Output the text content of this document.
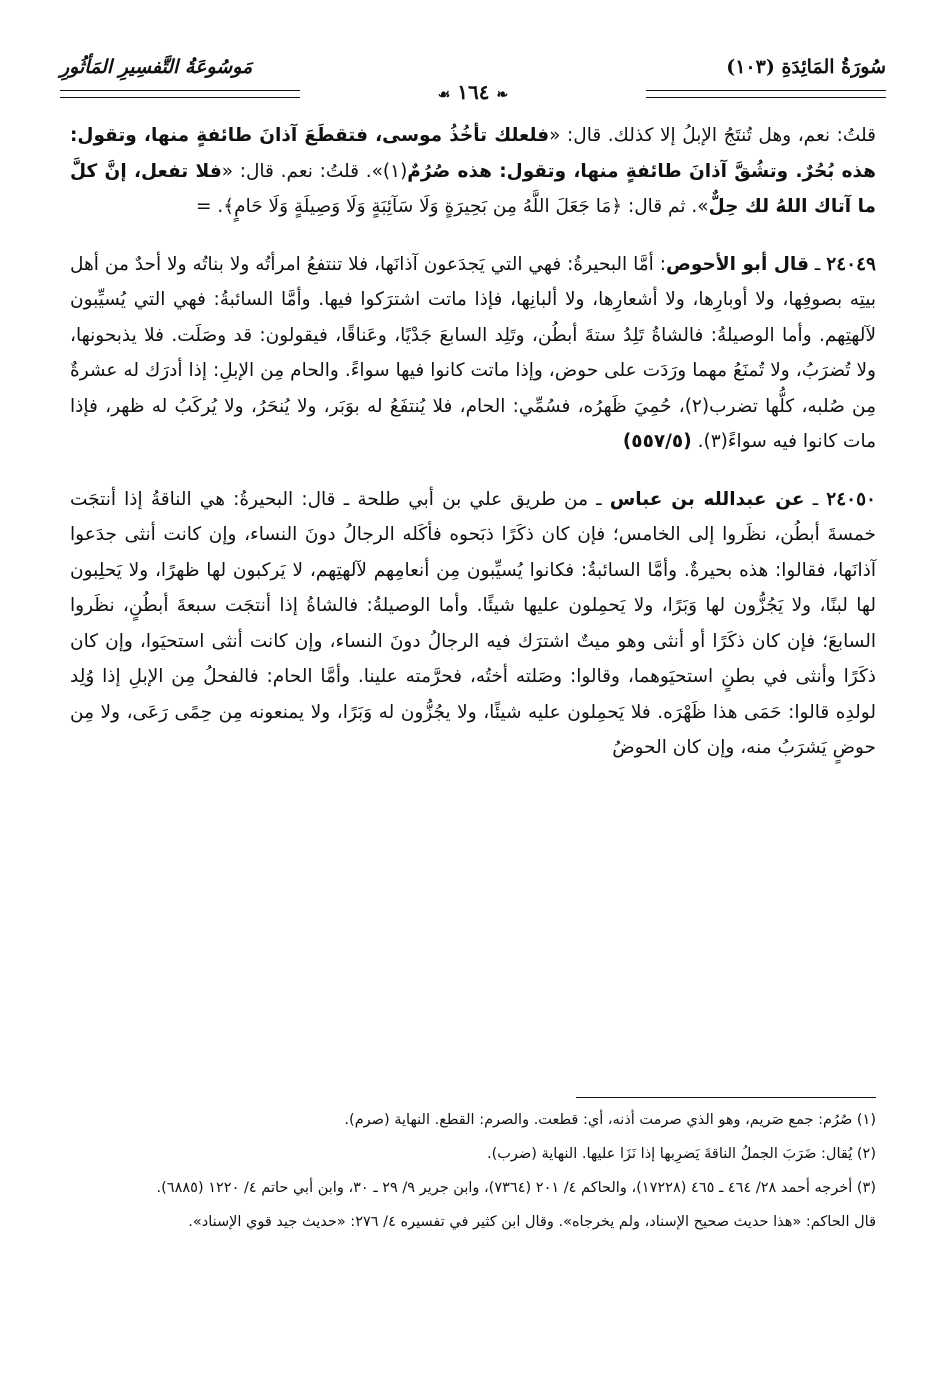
سُورَةُ المَائِدَةِ (١٠٣)
مَوسُوعَةُ التَّفسِيرِ المَأثُورِ
❧ ١٦٤ ☙

قلتُ: نعم، وهل تُنتَجُ الإبلُ إلا كذلك. قال: «فلعلك تأخُذُ موسى، فتقطَعَ آذانَ طائفةٍ منها، وتقول: هذه بُحُرٌ. وتشُقَّ آذانَ طائفةٍ منها، وتقول: هذه صُرُمٌ(١)». قلتُ: نعم. قال: «فلا تفعل، إنَّ كلَّ ما آتاك اللهُ لك حِلٌّ». ثم قال: ﴿مَا جَعَلَ اللَّهُ مِن بَحِيرَةٍ وَلَا سَآئِبَةٍ وَلَا وَصِيلَةٍ وَلَا حَامٍ﴾. =

٢٤٠٤٩ ـ قال أبو الأحوص: أمَّا البحيرةُ: فهي التي يَجدَعون آذانَها، فلا تنتفعُ امرأتُه ولا بناتُه ولا أحدٌ من أهل بيتِه بصوفِها، ولا أوبارِها، ولا أشعارِها، ولا ألبانِها، فإذا ماتت اشترَكوا فيها. وأمَّا السائبةُ: فهي التي يُسيِّبون لآلهتِهم. وأما الوصيلةُ: فالشاةُ تَلِدُ ستةَ أبطُن، وتَلِد السابعَ جَدْيًا، وعَناقًا، فيقولون: قد وصَلَت. فلا يذبحونها، ولا تُضرَبُ، ولا تُمنَعُ مهما ورَدَت على حوض، وإذا ماتت كانوا فيها سواءً. والحام مِن الإبلِ: إذا أدرَك له عشرةٌ مِن صُلبه، كلُّها تضرب(٢)، حُمِيَ ظَهرُه، فسُمِّي: الحام، فلا يُنتفَعُ له بوَبَر، ولا يُنحَرُ، ولا يُركَبُ له ظهر، فإذا مات كانوا فيه سواءً(٣). (٥٥٧/٥)

٢٤٠٥٠ ـ عن عبدالله بن عباس ـ من طريق علي بن أبي طلحة ـ قال: البحيرةُ: هي الناقةُ إذا أنتجَت خمسةَ أبطُن، نظَروا إلى الخامس؛ فإن كان ذكَرًا ذبَحوه فأكَله الرجالُ دونَ النساء، وإن كانت أنثى جدَعوا آذانَها، فقالوا: هذه بحيرةٌ. وأمَّا السائبةُ: فكانوا يُسيِّبون مِن أنعامِهم لآلهتِهم، لا يَركبون لها ظهرًا، ولا يَحلِبون لها لبنًا، ولا يَجُزُّون لها وَبَرًا، ولا يَحمِلون عليها شيئًا. وأما الوصيلةُ: فالشاةُ إذا أنتجَت سبعةَ أبطُنٍ، نظَروا السابعَ؛ فإن كان ذكَرًا أو أنثى وهو ميتٌ اشترَك فيه الرجالُ دونَ النساء، وإن كانت أنثى استحيَوا، وإن كان ذكَرًا وأنثى في بطنٍ استحيَوهما، وقالوا: وصَلته أختُه، فحرَّمته علينا. وأمَّا الحام: فالفحلُ مِن الإبلِ إذا وُلِد لولدِه قالوا: حَمَى هذا ظَهْرَه. فلا يَحمِلون عليه شيئًا، ولا يجُزُّون له وَبَرًا، ولا يمنعونه مِن حِمًى رَعَى، ولا مِن حوضٍ يَشرَبُ منه، وإن كان الحوضُ

(١) صُرُم: جمع صَريم، وهو الذي صرمت أذنه، أي: قطعت. والصرم: القطع. النهاية (صرم).

(٢) يُقال: ضَرَبَ الجملُ الناقةَ يَضرِبها إذا نَزَا عليها. النهاية (ضرب).

(٣) أخرجه أحمد ٢٨/ ٤٦٤ ـ ٤٦٥ (١٧٢٢٨)، والحاكم ٤/ ٢٠١ (٧٣٦٤)، وابن جرير ٩/ ٢٩ ـ ٣٠، وابن أبي حاتم ٤/ ١٢٢٠ (٦٨٨٥).

قال الحاكم: «هذا حديث صحيح الإسناد، ولم يخرجاه». وقال ابن كثير في تفسيره ٤/ ٢٧٦: «حديث جيد قوي الإسناد».
